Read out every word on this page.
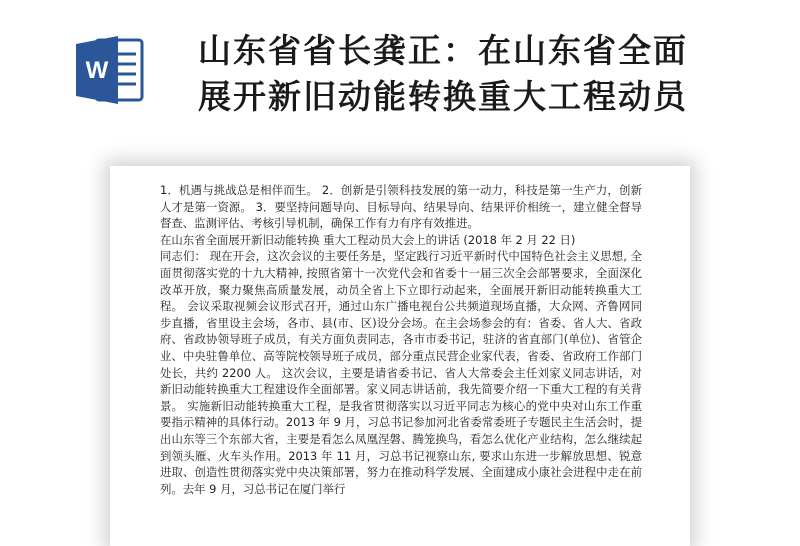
W
山东省省长龚正：在山东省全面
展开新旧动能转换重大工程动员

1．机遇与挑战总是相伴而生。 2．创新是引领科技发展的第一动力，科技是第一生产力，创新人才是第一资源。 3．要坚持问题导向、目标导向、结果导向、结果评价相统一，建立健全督导督查、监测评估、考核引导机制，确保工作有力有序有效推进。

在山东省全面展开新旧动能转换 重大工程动员大会上的讲话 (2018 年 2 月 22 日)

同志们： 现在开会，这次会议的主要任务是，坚定践行习近平新时代中国特色社会主义思想, 全面贯彻落实党的十九大精神, 按照省第十一次党代会和省委十一届三次全会部署要求，全面深化改革开放，聚力聚焦高质量发展，动员全省上下立即行动起来，全面展开新旧动能转换重大工程。 会议采取视频会议形式召开，通过山东广播电视台公共频道现场直播，大众网、齐鲁网同步直播，省里设主会场，各市、县(市、区)设分会场。在主会场参会的有：省委、省人大、省政府、省政协领导班子成员，有关方面负责同志，各市市委书记，驻济的省直部门(单位)、省管企业、中央驻鲁单位、高等院校领导班子成员，部分重点民营企业家代表，省委、省政府工作部门处长，共约 2200 人。 这次会议，主要是请省委书记、省人大常委会主任刘家义同志讲话，对新旧动能转换重大工程建设作全面部署。家义同志讲话前，我先简要介绍一下重大工程的有关背景。 实施新旧动能转换重大工程，是我省贯彻落实以习近平同志为核心的党中央对山东工作重要指示精神的具体行动。2013 年 9 月，习总书记参加河北省委常委班子专题民主生活会时，提出山东等三个东部大省，主要是看怎么凤凰涅磐、腾笼换鸟，看怎么优化产业结构，怎么继续起到领头雁、火车头作用。2013 年 11 月，习总书记视察山东, 要求山东进一步解放思想、锐意进取、创造性贯彻落实党中央决策部署，努力在推动科学发展、全面建成小康社会进程中走在前列。去年 9 月，习总书记在厦门举行
